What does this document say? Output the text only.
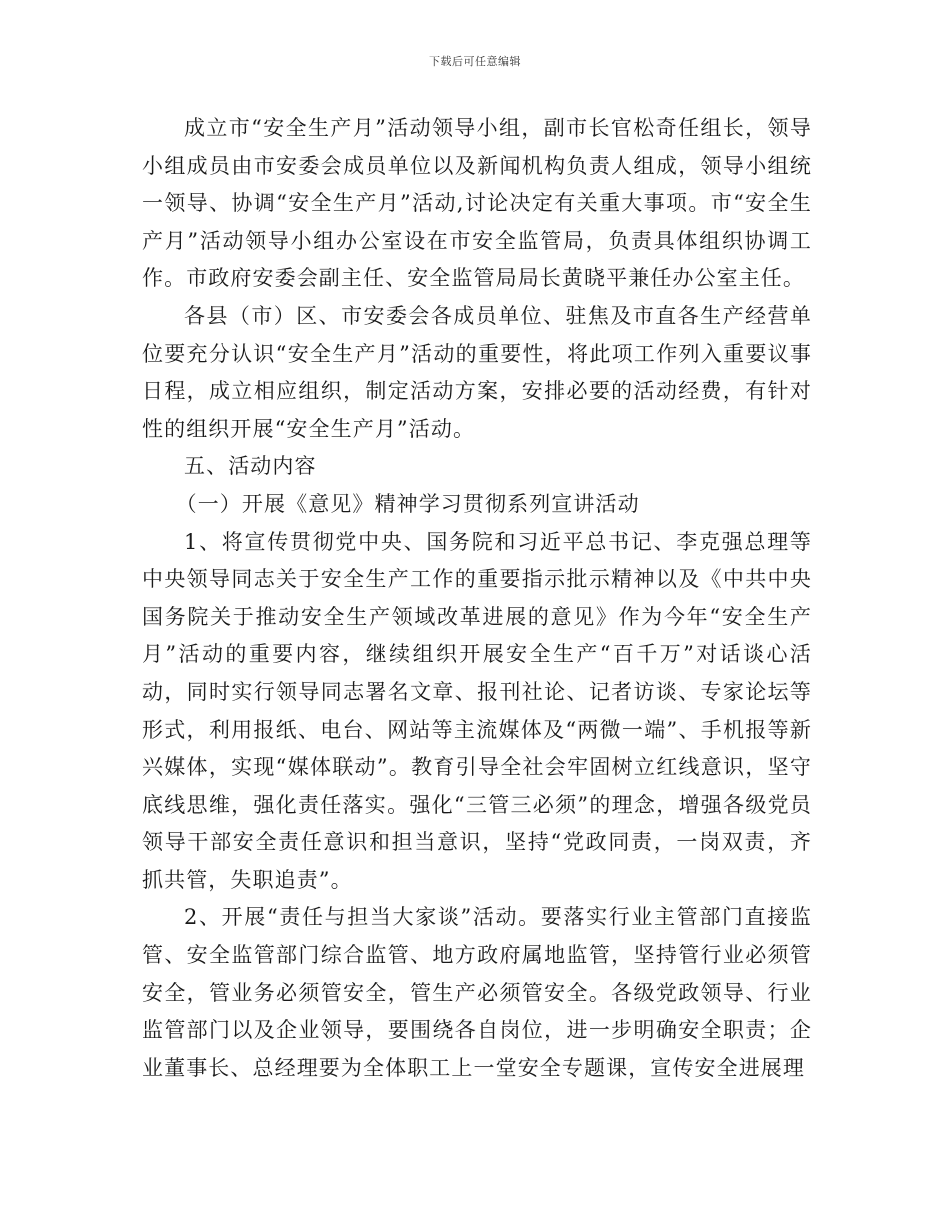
下载后可任意编辑

成立市“安全生产月”活动领导小组，副市长官松奇任组长，领导小组成员由市安委会成员单位以及新闻机构负责人组成，领导小组统一领导、协调“安全生产月”活动,讨论决定有关重大事项。市“安全生产月”活动领导小组办公室设在市安全监管局，负责具体组织协调工作。市政府安委会副主任、安全监管局局长黄晓平兼任办公室主任。

各县（市）区、市安委会各成员单位、驻焦及市直各生产经营单位要充分认识“安全生产月”活动的重要性，将此项工作列入重要议事日程，成立相应组织，制定活动方案，安排必要的活动经费，有针对性的组织开展“安全生产月”活动。

五、活动内容

（一）开展《意见》精神学习贯彻系列宣讲活动

1、将宣传贯彻党中央、国务院和习近平总书记、李克强总理等中央领导同志关于安全生产工作的重要指示批示精神以及《中共中央 国务院关于推动安全生产领域改革进展的意见》作为今年“安全生产月”活动的重要内容，继续组织开展安全生产“百千万”对话谈心活动，同时实行领导同志署名文章、报刊社论、记者访谈、专家论坛等形式，利用报纸、电台、网站等主流媒体及“两微一端”、手机报等新兴媒体，实现“媒体联动”。教育引导全社会牢固树立红线意识，坚守底线思维，强化责任落实。强化“三管三必须”的理念，增强各级党员领导干部安全责任意识和担当意识，坚持“党政同责，一岗双责，齐抓共管，失职追责”。

2、开展“责任与担当大家谈”活动。要落实行业主管部门直接监管、安全监管部门综合监管、地方政府属地监管，坚持管行业必须管安全，管业务必须管安全，管生产必须管安全。各级党政领导、行业监管部门以及企业领导，要围绕各自岗位，进一步明确安全职责；企业董事长、总经理要为全体职工上一堂安全专题课，宣传安全进展理
